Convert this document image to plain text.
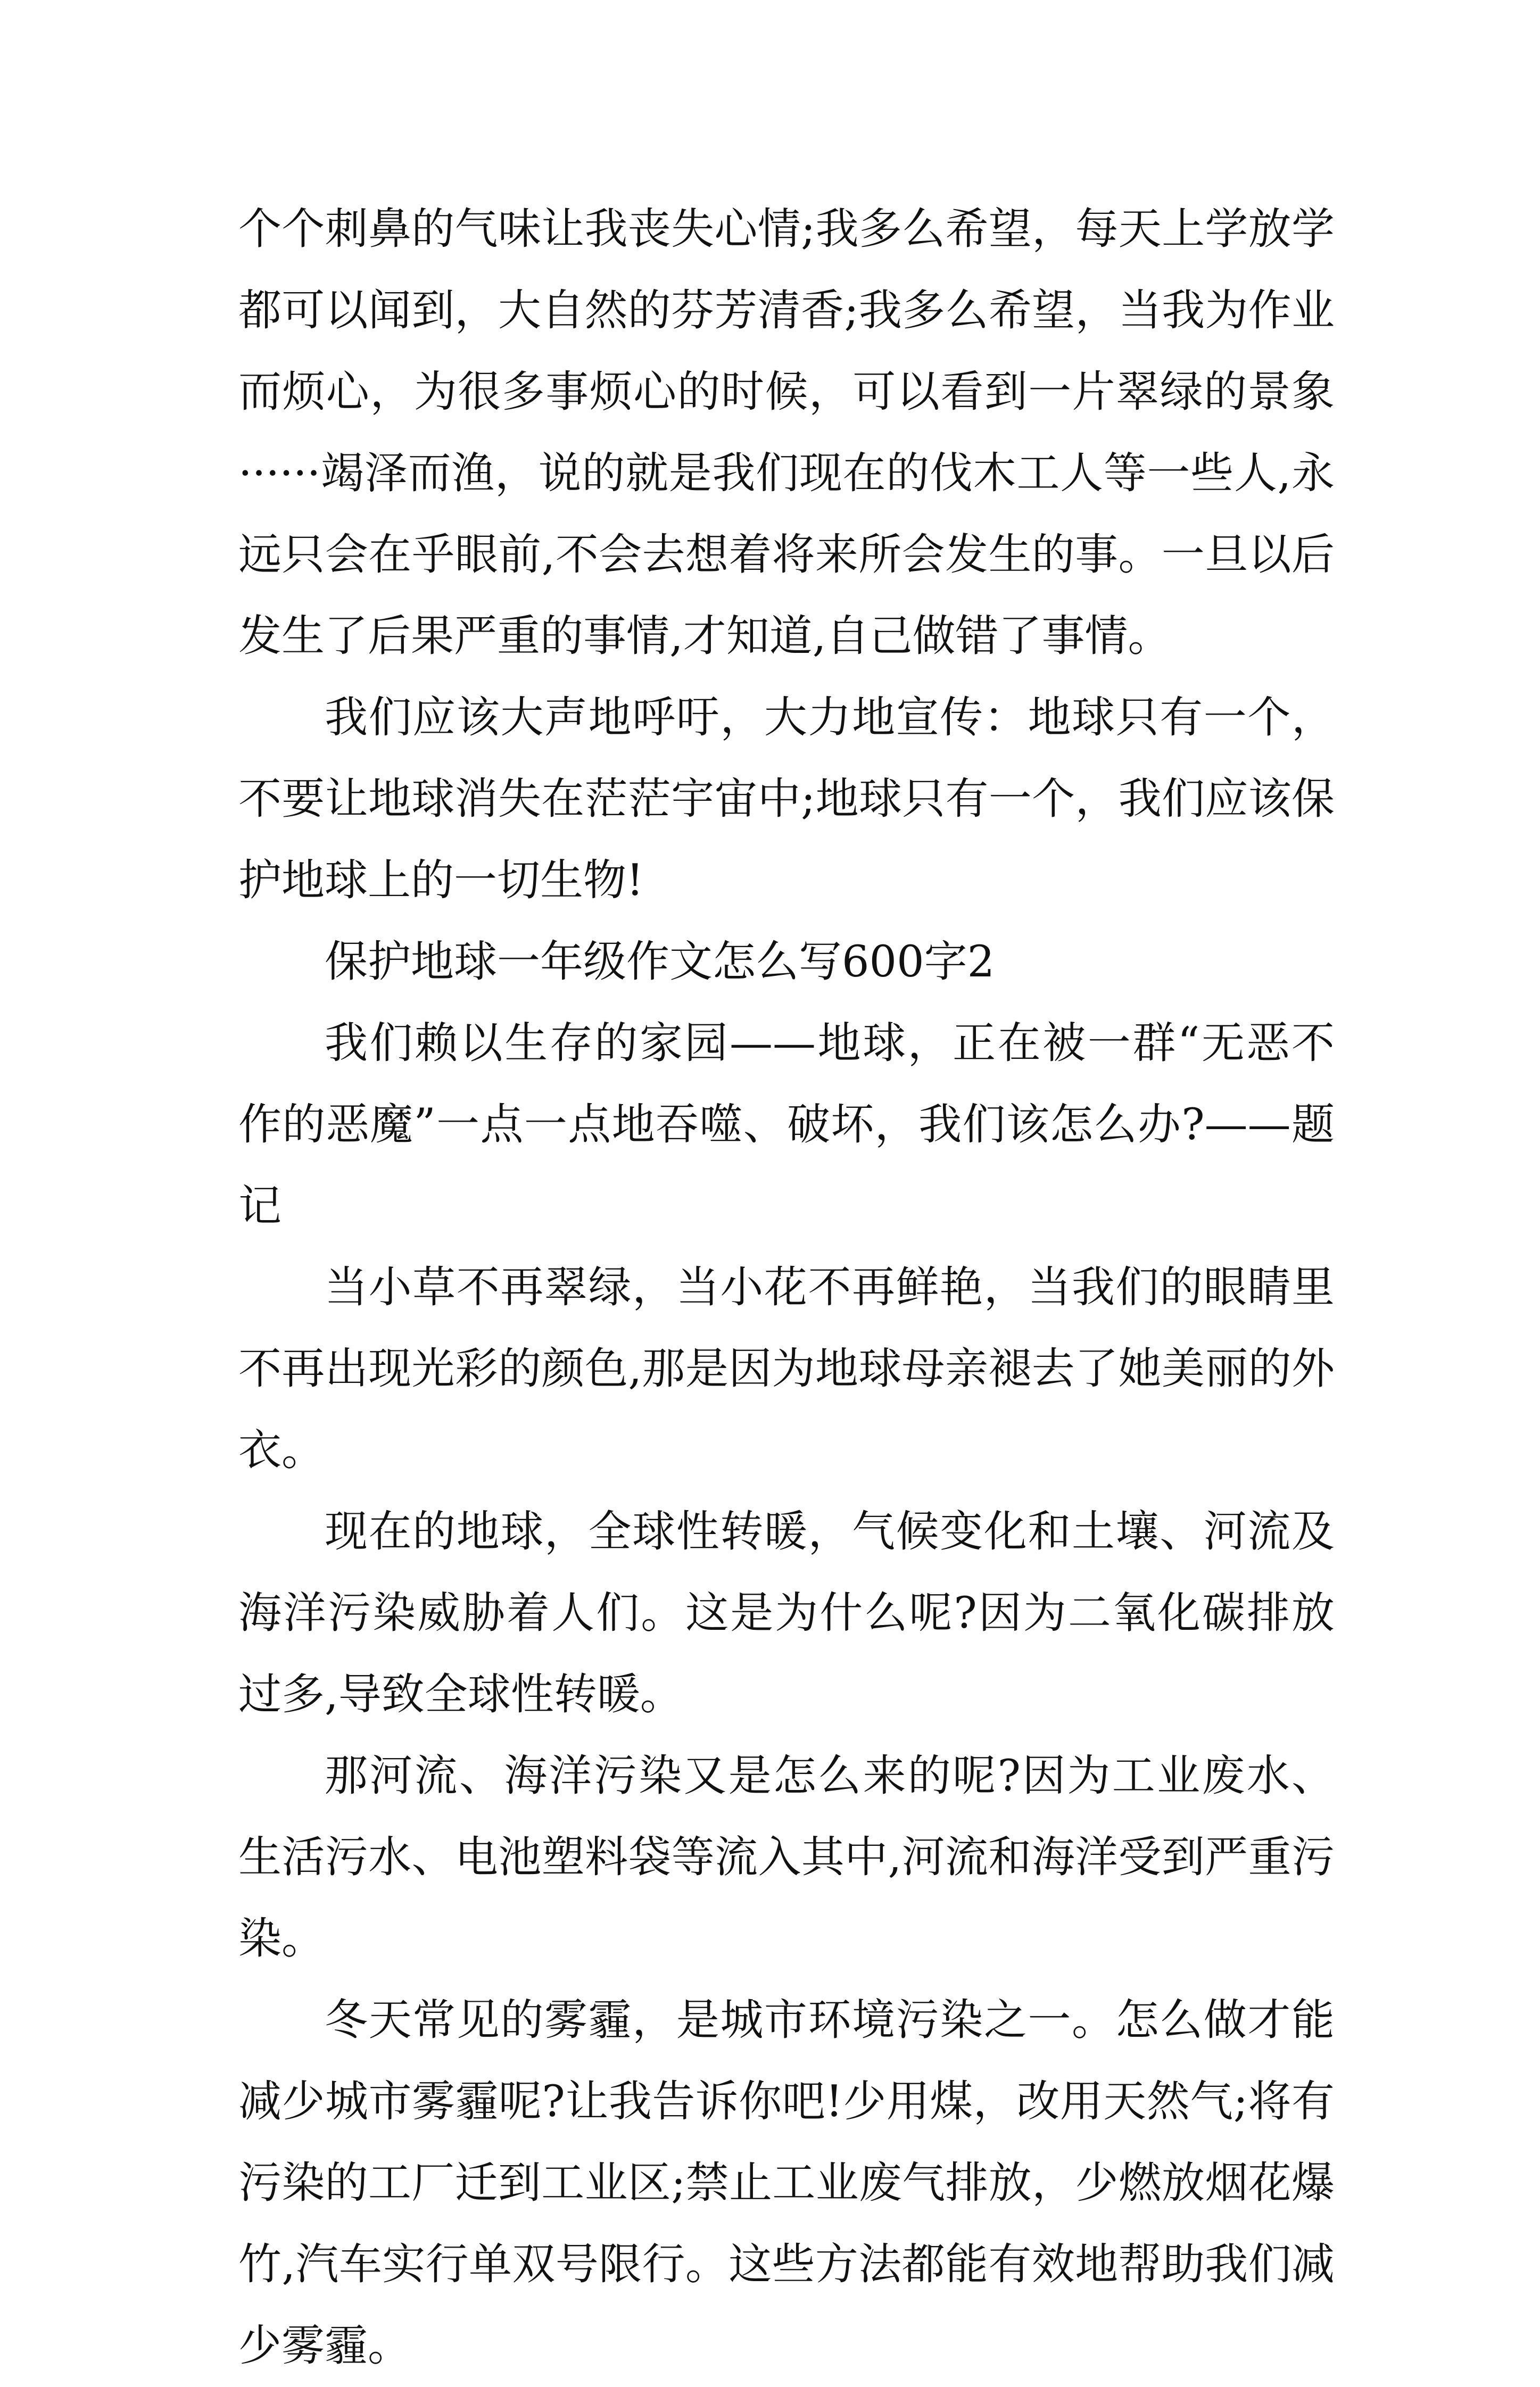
个个刺鼻的气味让我丧失心情;我多么希望，每天上学放学都可以闻到，大自然的芬芳清香;我多么希望，当我为作业而烦心，为很多事烦心的时候，可以看到一片翠绿的景象······竭泽而渔，说的就是我们现在的伐木工人等一些人,永远只会在乎眼前,不会去想着将来所会发生的事。一旦以后发生了后果严重的事情,才知道,自己做错了事情。

我们应该大声地呼吁，大力地宣传：地球只有一个，不要让地球消失在茫茫宇宙中;地球只有一个，我们应该保护地球上的一切生物!

保护地球一年级作文怎么写600字2

我们赖以生存的家园——地球，正在被一群“无恶不作的恶魔”一点一点地吞噬、破坏，我们该怎么办?——题记

当小草不再翠绿，当小花不再鲜艳，当我们的眼睛里不再出现光彩的颜色,那是因为地球母亲褪去了她美丽的外衣。

现在的地球，全球性转暖，气候变化和土壤、河流及海洋污染威胁着人们。这是为什么呢?因为二氧化碳排放过多,导致全球性转暖。

那河流、海洋污染又是怎么来的呢?因为工业废水、生活污水、电池塑料袋等流入其中,河流和海洋受到严重污染。

冬天常见的雾霾，是城市环境污染之一。怎么做才能减少城市雾霾呢?让我告诉你吧!少用煤，改用天然气;将有污染的工厂迁到工业区;禁止工业废气排放，少燃放烟花爆竹,汽车实行单双号限行。这些方法都能有效地帮助我们减少雾霾。
